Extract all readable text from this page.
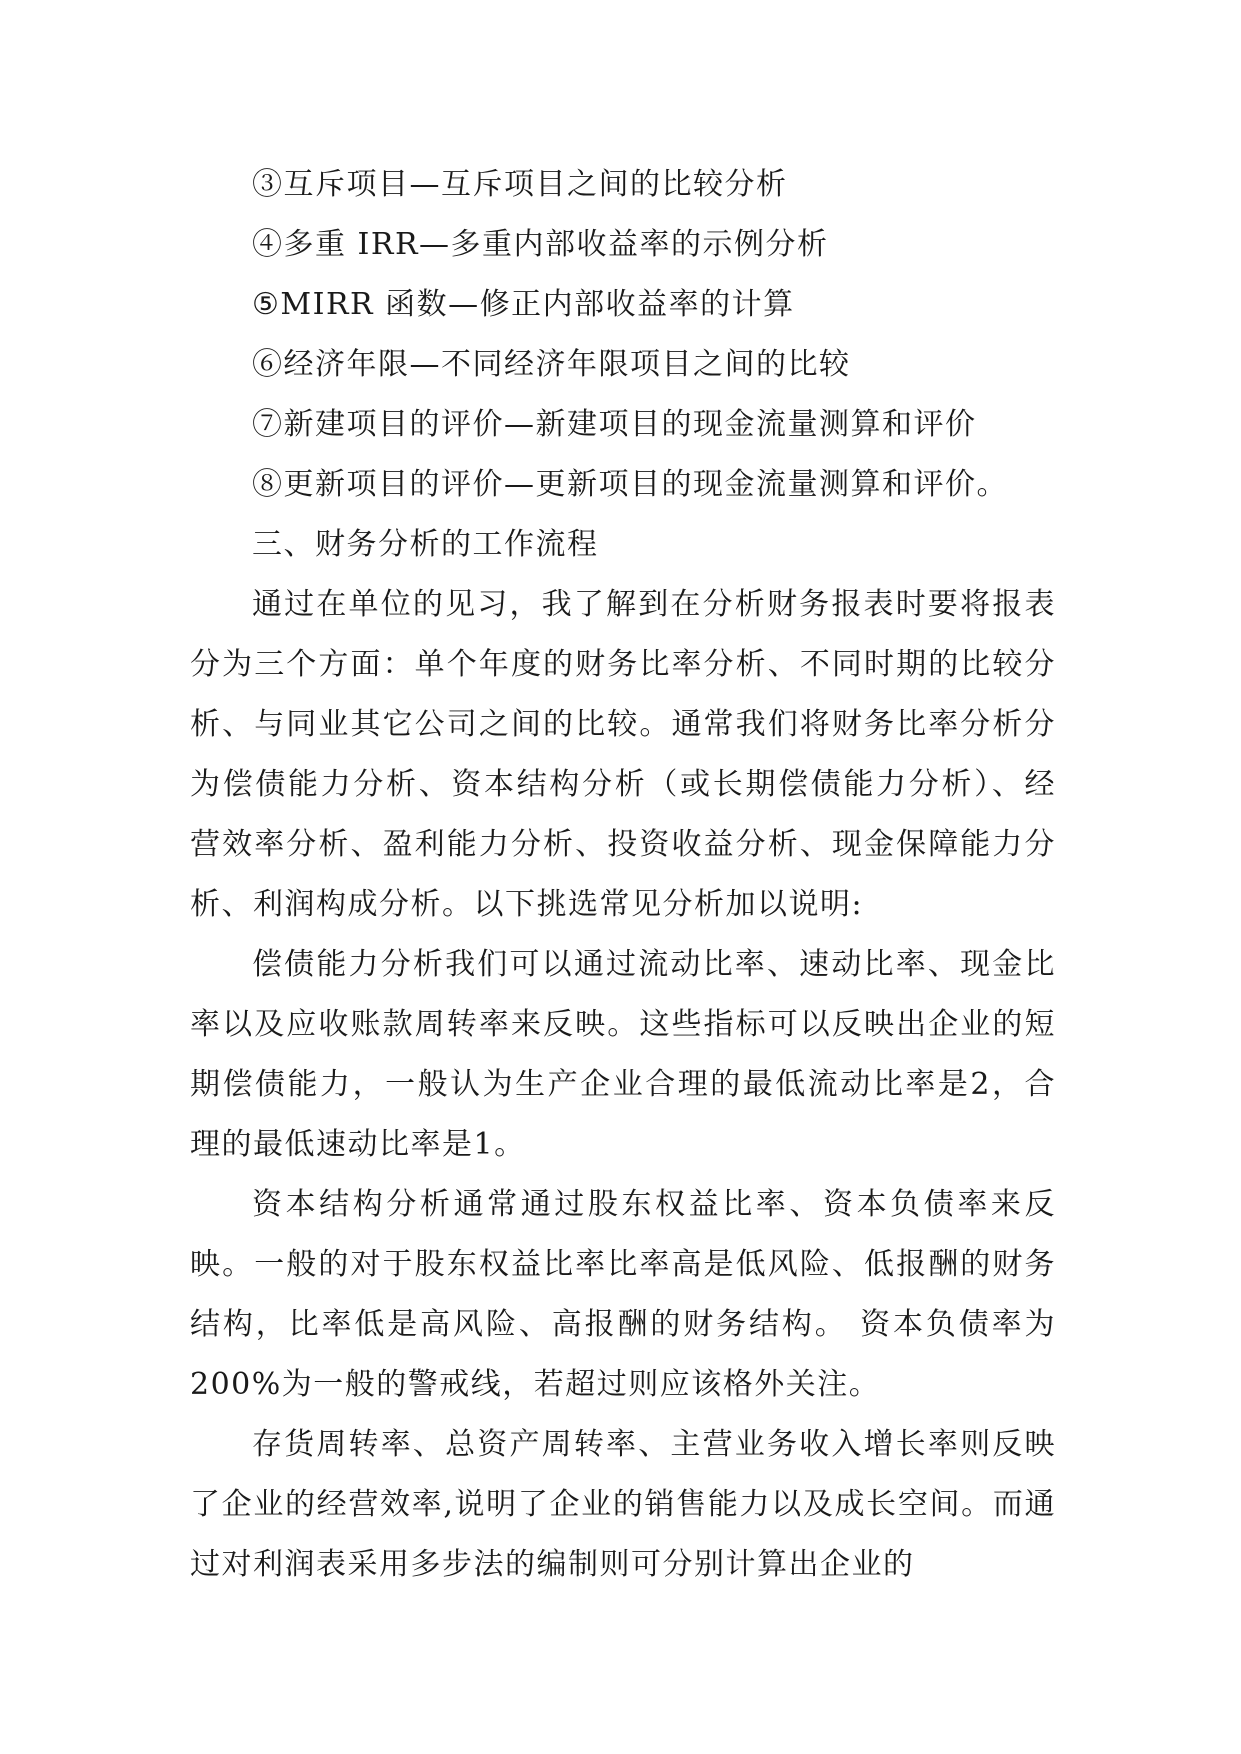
③互斥项目—互斥项目之间的比较分析
④多重 IRR—多重内部收益率的示例分析
⑤MIRR 函数—修正内部收益率的计算
⑥经济年限—不同经济年限项目之间的比较
⑦新建项目的评价—新建项目的现金流量测算和评价
⑧更新项目的评价—更新项目的现金流量测算和评价。
三、财务分析的工作流程

通过在单位的见习，我了解到在分析财务报表时要将报表分为三个方面：单个年度的财务比率分析、不同时期的比较分析、与同业其它公司之间的比较。通常我们将财务比率分析分为偿债能力分析、资本结构分析（或长期偿债能力分析）、经营效率分析、盈利能力分析、投资收益分析、现金保障能力分析、利润构成分析。以下挑选常见分析加以说明:

偿债能力分析我们可以通过流动比率、速动比率、现金比率以及应收账款周转率来反映。这些指标可以反映出企业的短期偿债能力，一般认为生产企业合理的最低流动比率是2，合理的最低速动比率是1。

资本结构分析通常通过股东权益比率、资本负债率来反映。一般的对于股东权益比率比率高是低风险、低报酬的财务结构，比率低是高风险、高报酬的财务结构。 资本负债率为200%为一般的警戒线，若超过则应该格外关注。

存货周转率、总资产周转率、主营业务收入增长率则反映了企业的经营效率,说明了企业的销售能力以及成长空间。而通过对利润表采用多步法的编制则可分别计算出企业的
